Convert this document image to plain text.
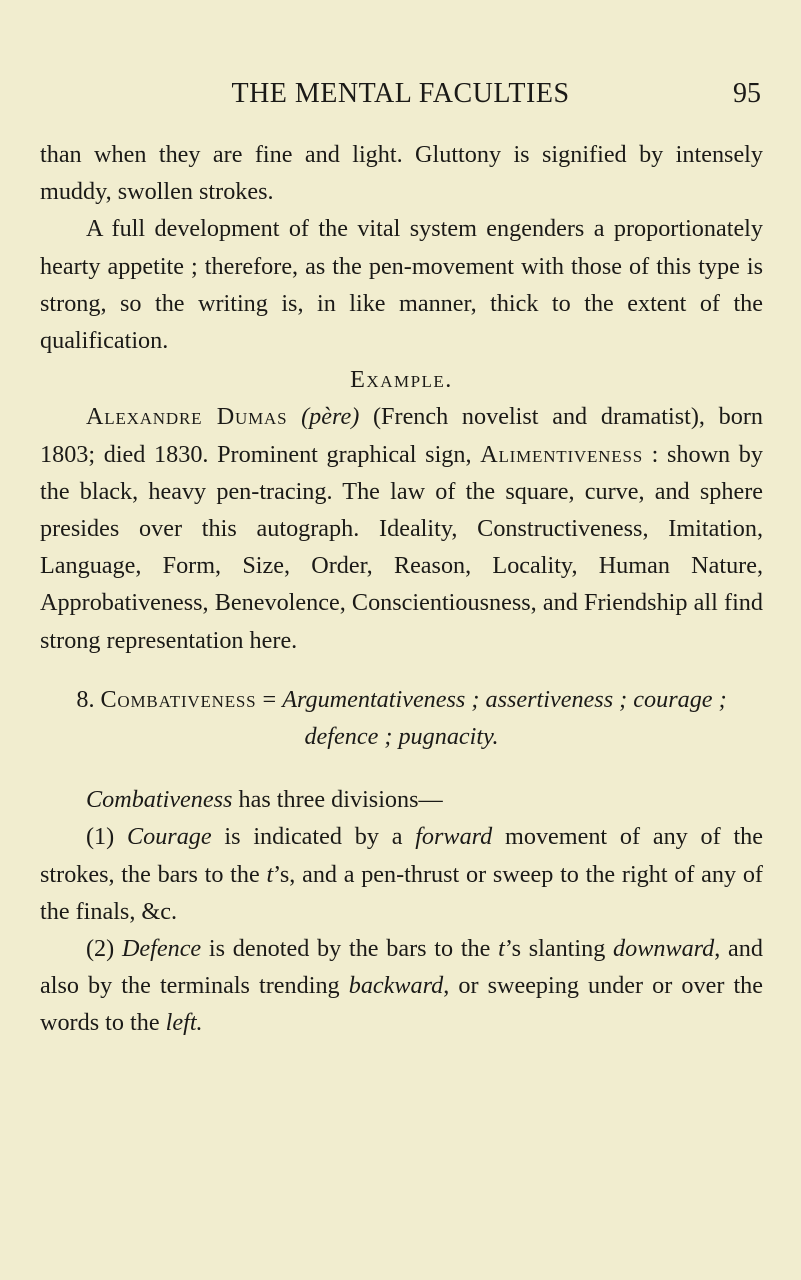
THE MENTAL FACULTIES	95

than when they are fine and light. Gluttony is signified by intensely muddy, swollen strokes.

A full development of the vital system engenders a proportionately hearty appetite ; therefore, as the pen-movement with those of this type is strong, so the writing is, in like manner, thick to the extent of the qualification.

Example.

Alexandre Dumas (père) (French novelist and dramatist), born 1803; died 1830. Prominent graphical sign, Alimentiveness : shown by the black, heavy pen-tracing. The law of the square, curve, and sphere presides over this autograph. Ideality, Constructiveness, Imitation, Language, Form, Size, Order, Reason, Locality, Human Nature, Approbativeness, Benevolence, Conscientiousness, and Friendship all find strong representation here.

8. Combativeness = Argumentativeness ; assertiveness ; courage ; defence ; pugnacity.

Combativeness has three divisions—

(1) Courage is indicated by a forward movement of any of the strokes, the bars to the t’s, and a pen-thrust or sweep to the right of any of the finals, &c.

(2) Defence is denoted by the bars to the t’s slanting downward, and also by the terminals trending backward, or sweeping under or over the words to the left.
